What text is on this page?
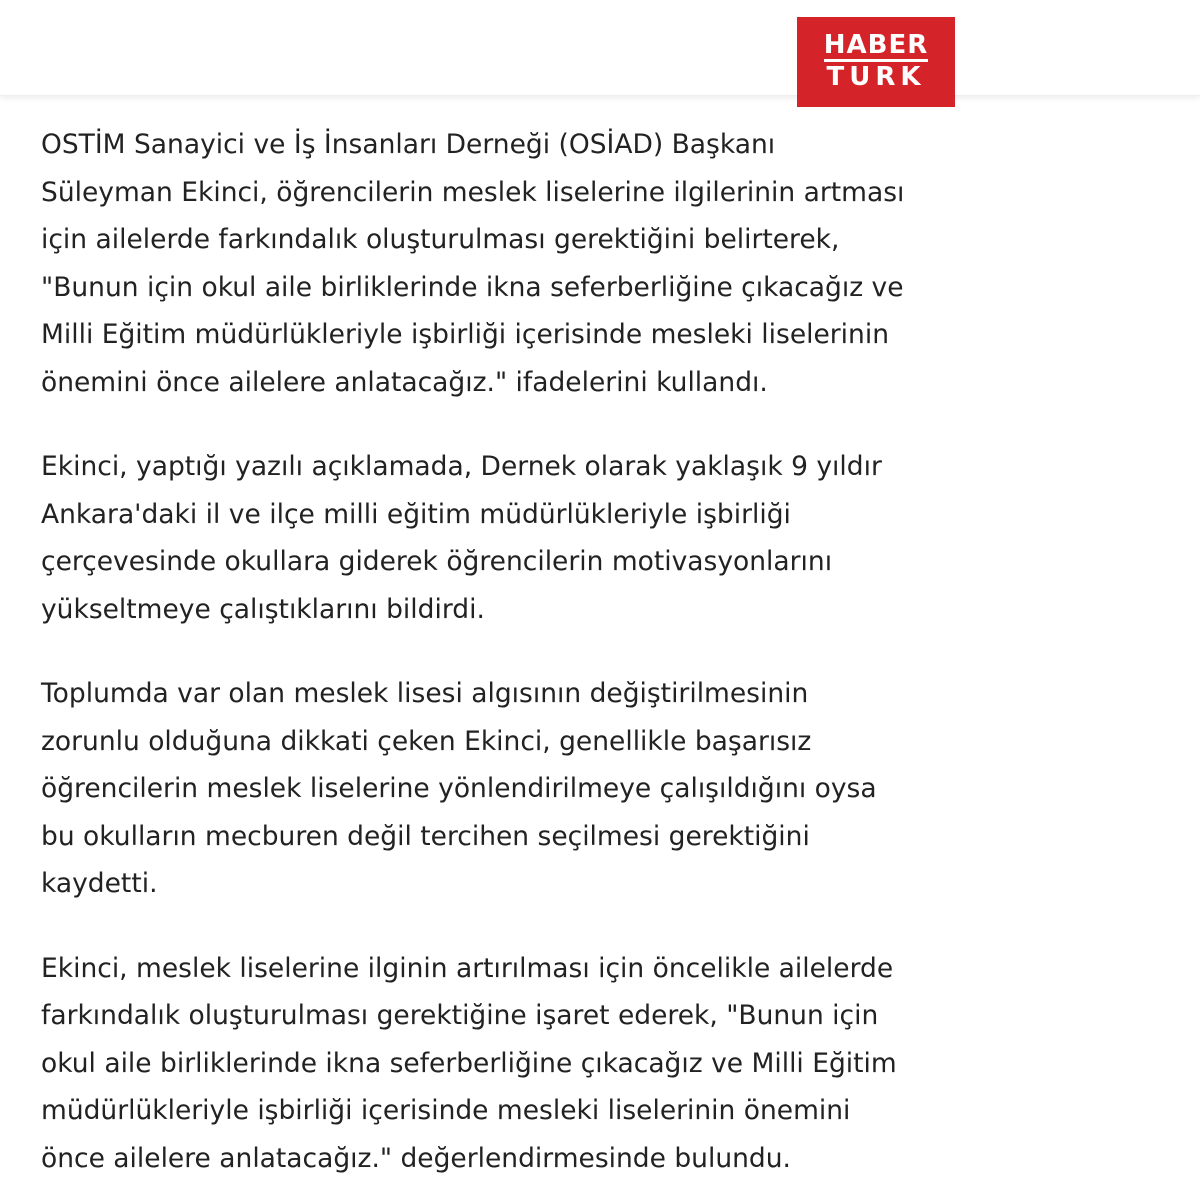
HABER
TURK

OSTİM Sanayici ve İş İnsanları Derneği (OSİAD) Başkanı
Süleyman Ekinci, öğrencilerin meslek liselerine ilgilerinin artması
için ailelerde farkındalık oluşturulması gerektiğini belirterek,
"Bunun için okul aile birliklerinde ikna seferberliğine çıkacağız ve
Milli Eğitim müdürlükleriyle işbirliği içerisinde mesleki liselerinin
önemini önce ailelere anlatacağız." ifadelerini kullandı.

Ekinci, yaptığı yazılı açıklamada, Dernek olarak yaklaşık 9 yıldır
Ankara'daki il ve ilçe milli eğitim müdürlükleriyle işbirliği
çerçevesinde okullara giderek öğrencilerin motivasyonlarını
yükseltmeye çalıştıklarını bildirdi.

Toplumda var olan meslek lisesi algısının değiştirilmesinin
zorunlu olduğuna dikkati çeken Ekinci, genellikle başarısız
öğrencilerin meslek liselerine yönlendirilmeye çalışıldığını oysa
bu okulların mecburen değil tercihen seçilmesi gerektiğini
kaydetti.

Ekinci, meslek liselerine ilginin artırılması için öncelikle ailelerde
farkındalık oluşturulması gerektiğine işaret ederek, "Bunun için
okul aile birliklerinde ikna seferberliğine çıkacağız ve Milli Eğitim
müdürlükleriyle işbirliği içerisinde mesleki liselerinin önemini
önce ailelere anlatacağız." değerlendirmesinde bulundu.
